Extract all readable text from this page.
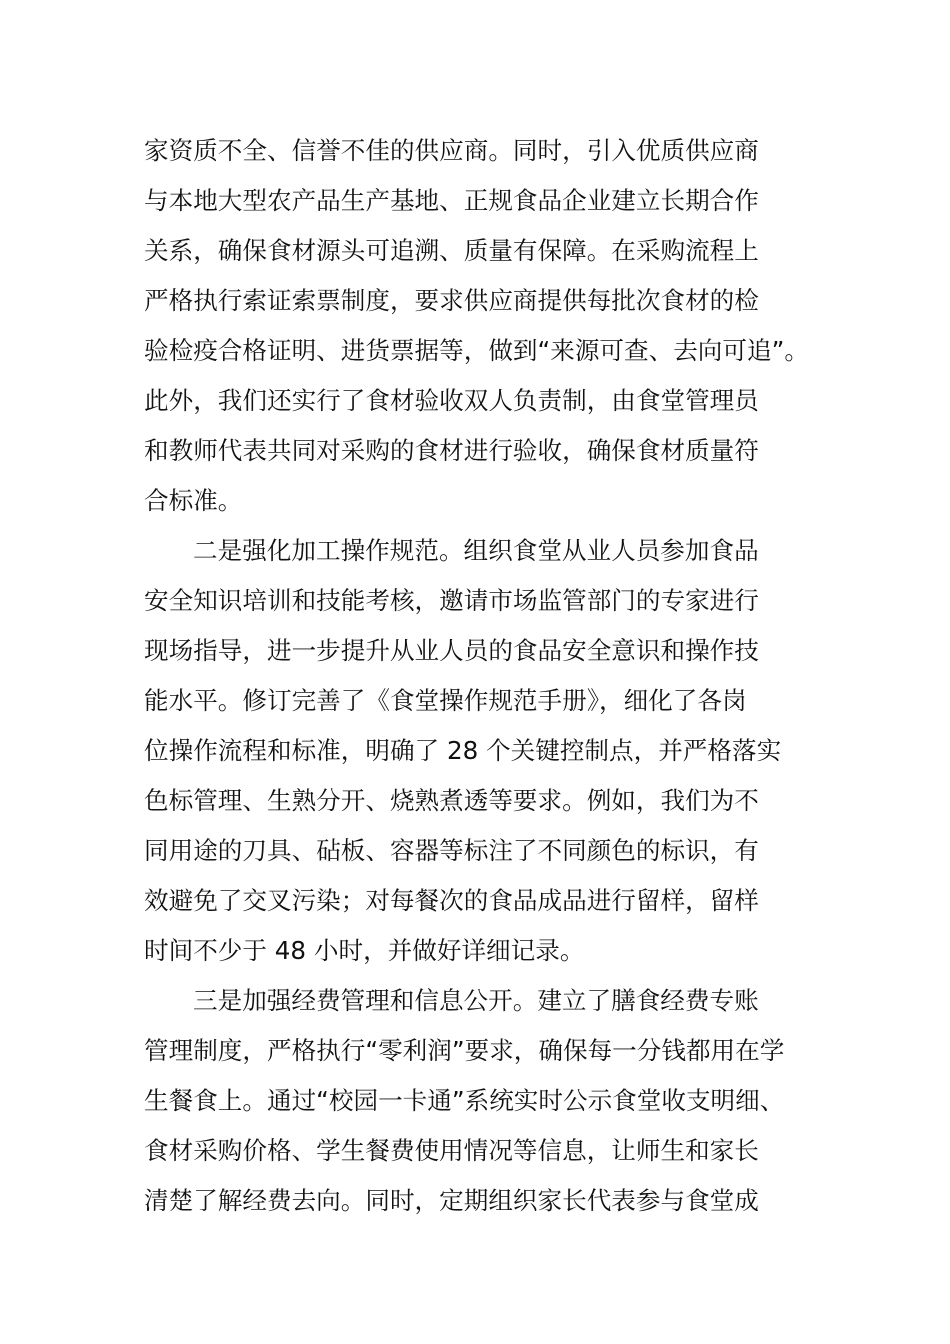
家资质不全、信誉不佳的供应商。同时，引入优质供应商
与本地大型农产品生产基地、正规食品企业建立长期合作
关系，确保食材源头可追溯、质量有保障。在采购流程上
严格执行索证索票制度，要求供应商提供每批次食材的检
验检疫合格证明、进货票据等，做到“来源可查、去向可追”。
此外，我们还实行了食材验收双人负责制，由食堂管理员
和教师代表共同对采购的食材进行验收，确保食材质量符
合标准。
二是强化加工操作规范。组织食堂从业人员参加食品
安全知识培训和技能考核，邀请市场监管部门的专家进行
现场指导，进一步提升从业人员的食品安全意识和操作技
能水平。修订完善了《食堂操作规范手册》，细化了各岗
位操作流程和标准，明确了 28 个关键控制点，并严格落实
色标管理、生熟分开、烧熟煮透等要求。例如，我们为不
同用途的刀具、砧板、容器等标注了不同颜色的标识，有
效避免了交叉污染；对每餐次的食品成品进行留样，留样
时间不少于 48 小时，并做好详细记录。
三是加强经费管理和信息公开。建立了膳食经费专账
管理制度，严格执行“零利润”要求，确保每一分钱都用在学
生餐食上。通过“校园一卡通”系统实时公示食堂收支明细、
食材采购价格、学生餐费使用情况等信息，让师生和家长
清楚了解经费去向。同时，定期组织家长代表参与食堂成
